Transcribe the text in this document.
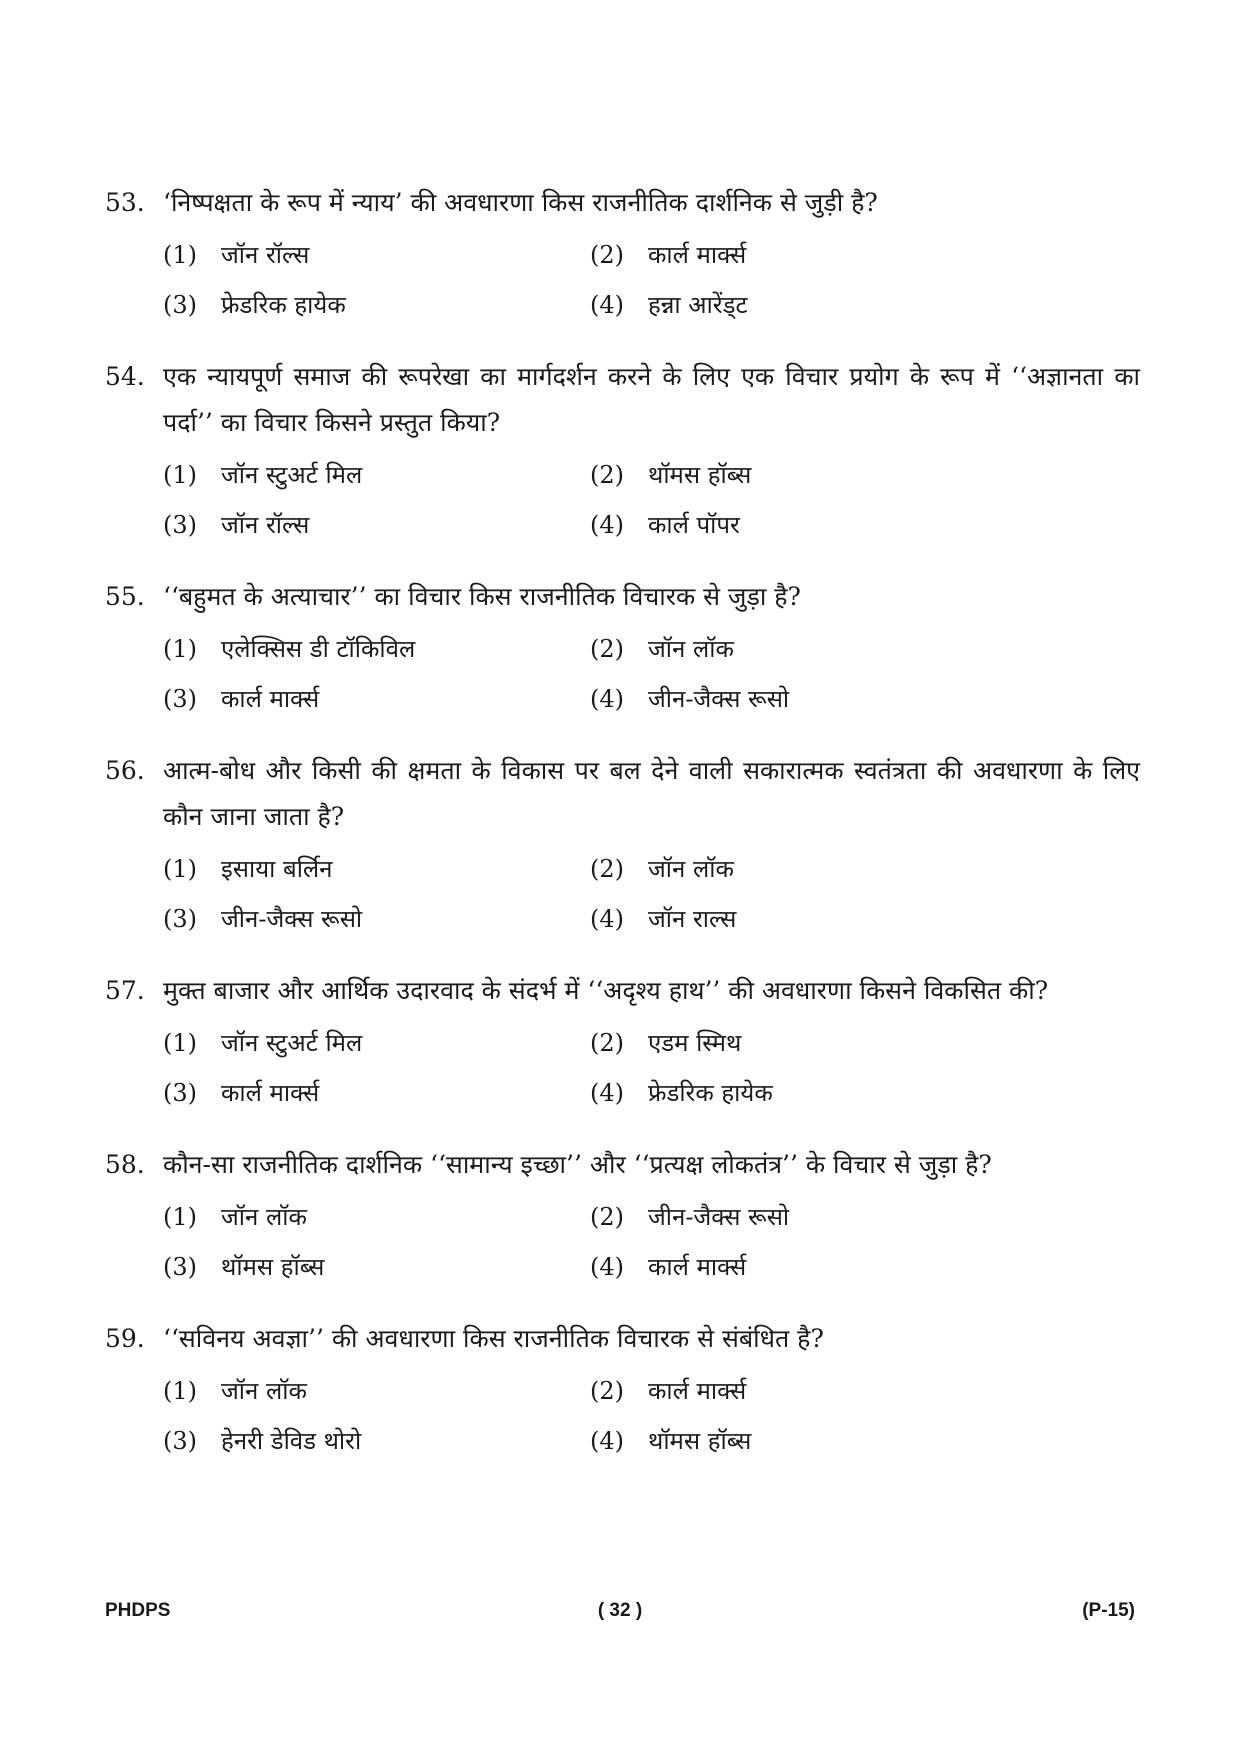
53. ‘निष्पक्षता के रूप में न्याय’ की अवधारणा किस राजनीतिक दार्शनिक से जुड़ी है?
(1)	जॉन रॉल्स	(2)	कार्ल मार्क्स
(3)	फ्रेडरिक हायेक	(4)	हन्ना आरेंड्ट
54. एक न्यायपूर्ण समाज की रूपरेखा का मार्गदर्शन करने के लिए एक विचार प्रयोग के रूप में ‘‘अज्ञानता का पर्दा’’ का विचार किसने प्रस्तुत किया?
(1)	जॉन स्टुअर्ट मिल	(2)	थॉमस हॉब्स
(3)	जॉन रॉल्स	(4)	कार्ल पॉपर
55. ‘‘बहुमत के अत्याचार’’ का विचार किस राजनीतिक विचारक से जुड़ा है?
(1)	एलेक्सिस डी टॉकिविल	(2)	जॉन लॉक
(3)	कार्ल मार्क्स	(4)	जीन-जैक्स रूसो
56. आत्म-बोध और किसी की क्षमता के विकास पर बल देने वाली सकारात्मक स्वतंत्रता की अवधारणा के लिए कौन जाना जाता है?
(1)	इसाया बर्लिन	(2)	जॉन लॉक
(3)	जीन-जैक्स रूसो	(4)	जॉन राल्स
57. मुक्त बाजार और आर्थिक उदारवाद के संदर्भ में ‘‘अदृश्य हाथ’’ की अवधारणा किसने विकसित की?
(1)	जॉन स्टुअर्ट मिल	(2)	एडम स्मिथ
(3)	कार्ल मार्क्स	(4)	फ्रेडरिक हायेक
58. कौन-सा राजनीतिक दार्शनिक ‘‘सामान्य इच्छा’’ और ‘‘प्रत्यक्ष लोकतंत्र’’ के विचार से जुड़ा है?
(1)	जॉन लॉक	(2)	जीन-जैक्स रूसो
(3)	थॉमस हॉब्स	(4)	कार्ल मार्क्स
59. ‘‘सविनय अवज्ञा’’ की अवधारणा किस राजनीतिक विचारक से संबंधित है?
(1)	जॉन लॉक	(2)	कार्ल मार्क्स
(3)	हेनरी डेविड थोरो	(4)	थॉमस हॉब्स
PHDPS	( 32 )	(P-15)
